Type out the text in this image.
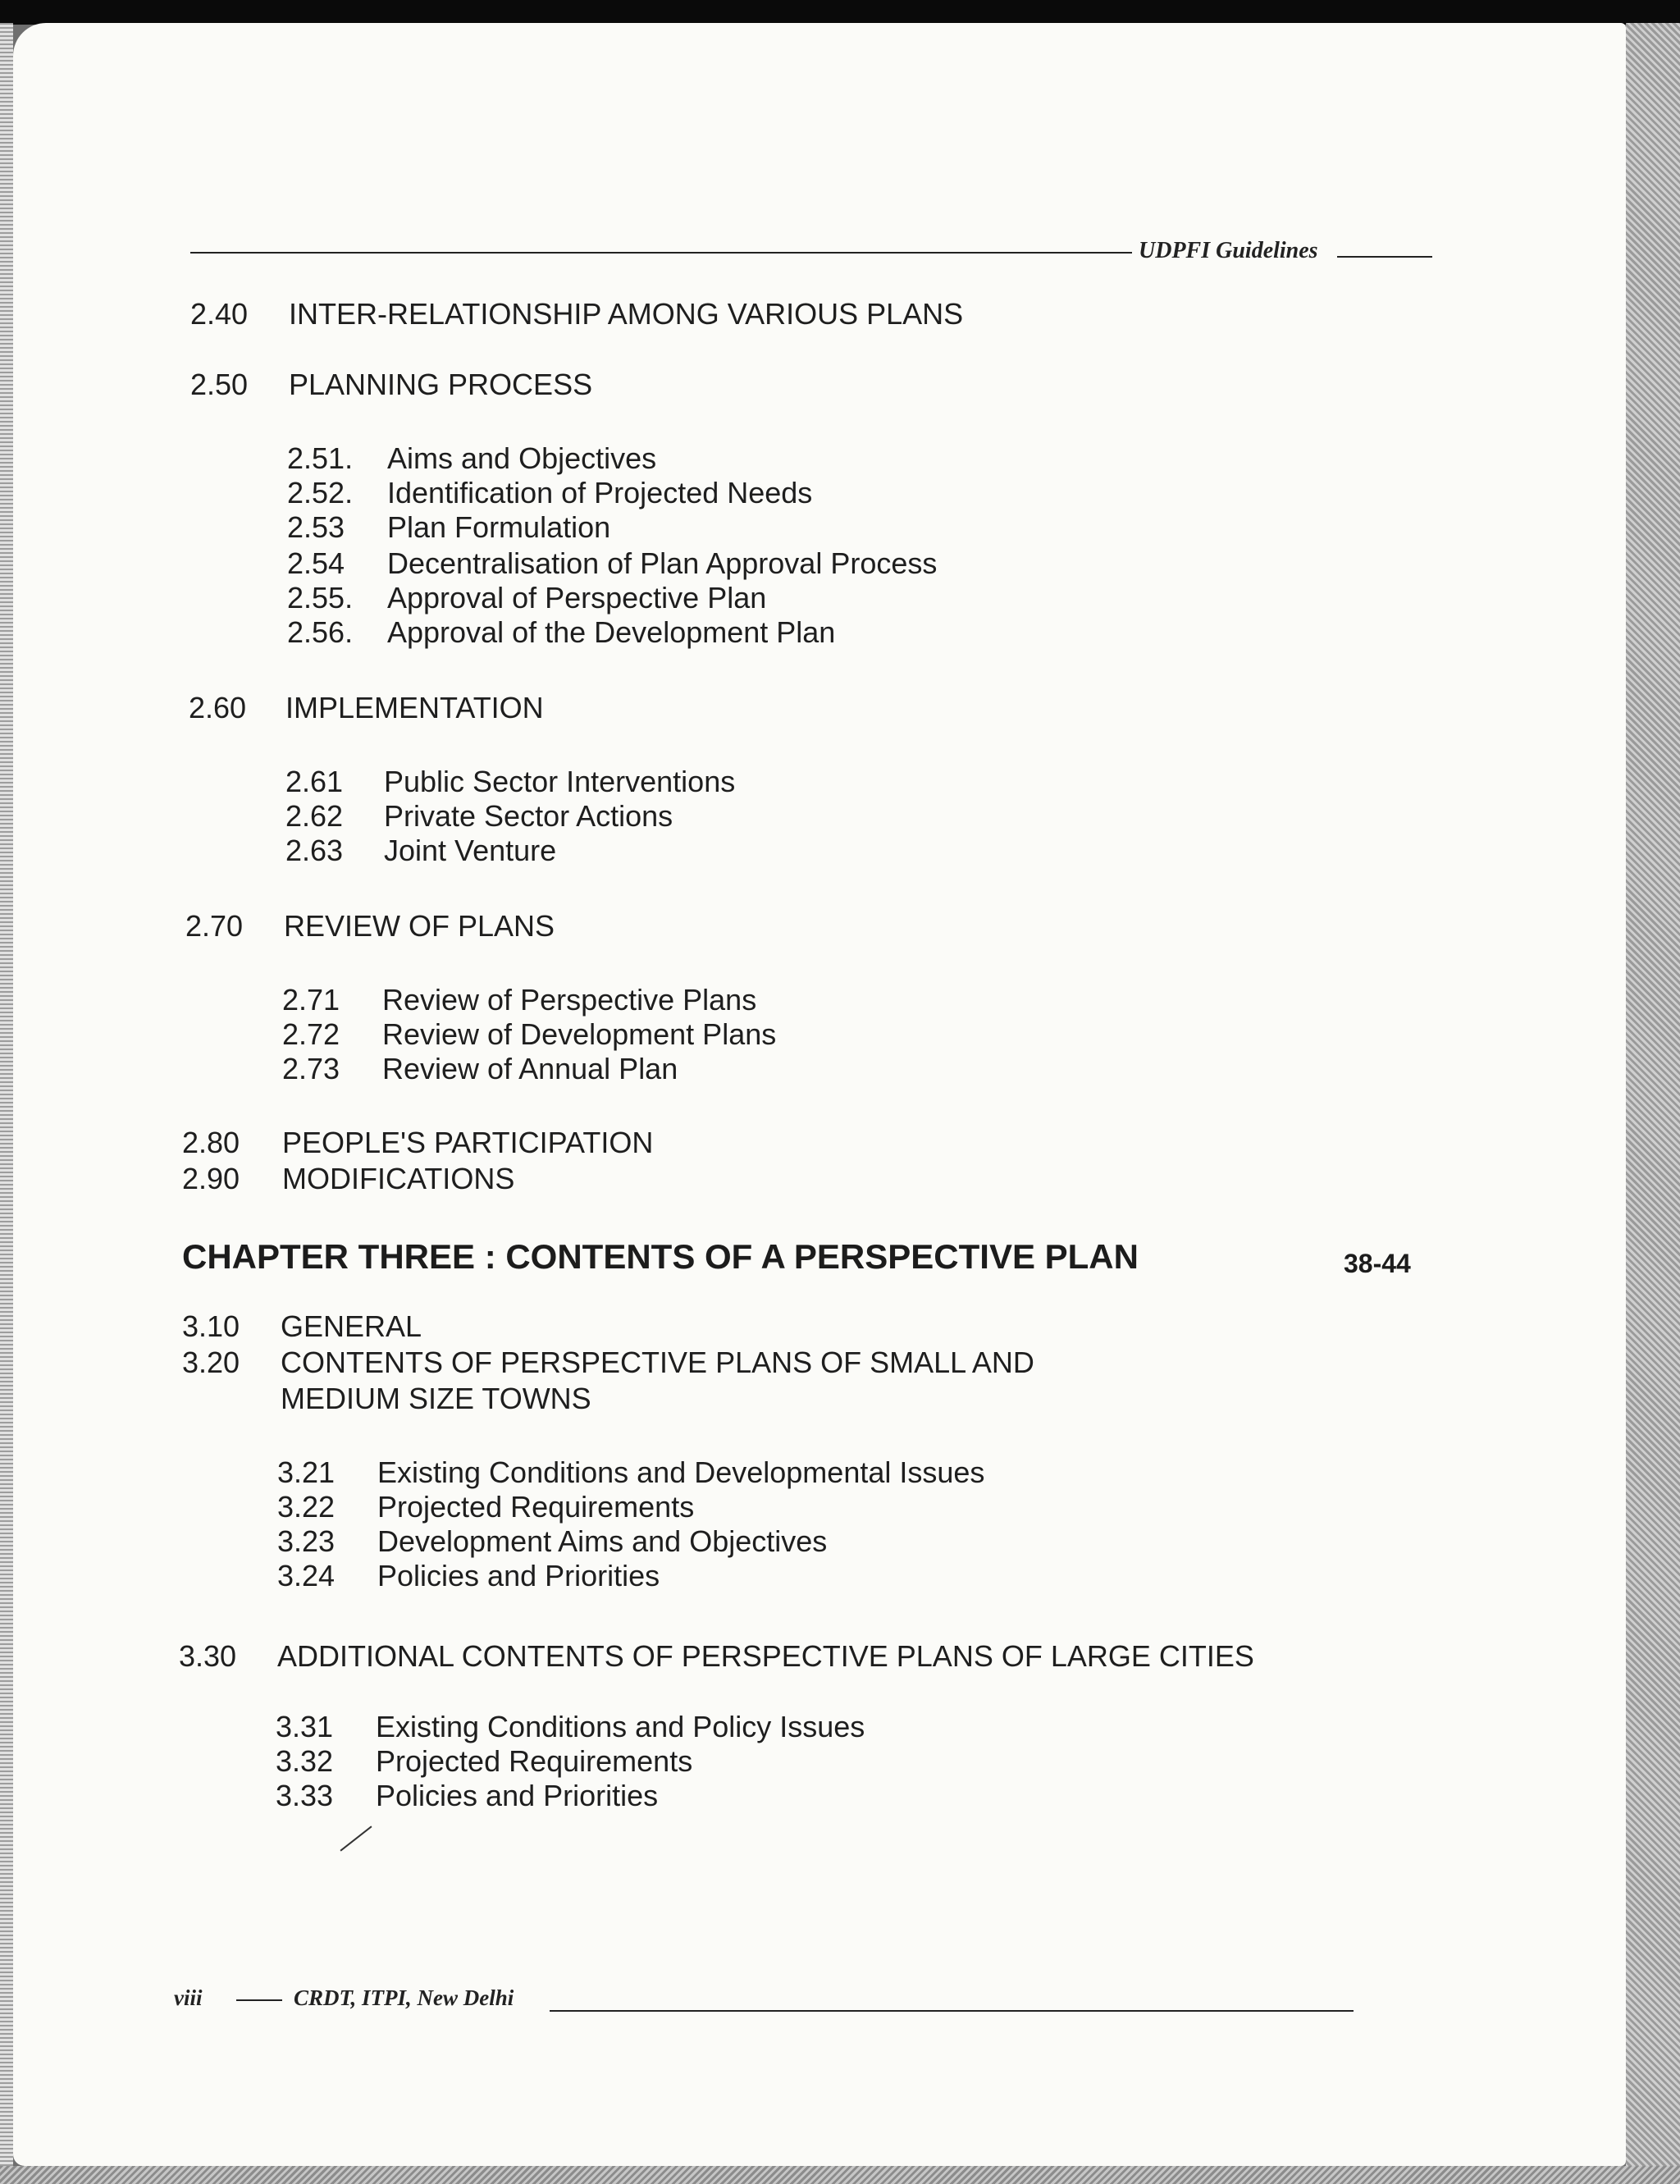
UDPFI Guidelines
2.40 INTER-RELATIONSHIP AMONG VARIOUS PLANS
2.50 PLANNING PROCESS
2.51. Aims and Objectives
2.52. Identification of Projected Needs
2.53 Plan Formulation
2.54 Decentralisation of Plan Approval Process
2.55. Approval of Perspective Plan
2.56. Approval of the Development Plan
2.60 IMPLEMENTATION
2.61 Public Sector Interventions
2.62 Private Sector Actions
2.63 Joint Venture
2.70 REVIEW OF PLANS
2.71 Review of Perspective Plans
2.72 Review of Development Plans
2.73 Review of Annual Plan
2.80 PEOPLE'S PARTICIPATION
2.90 MODIFICATIONS
CHAPTER THREE : CONTENTS OF A PERSPECTIVE PLAN	38-44
3.10 GENERAL
3.20 CONTENTS OF PERSPECTIVE PLANS OF SMALL AND
MEDIUM SIZE TOWNS
3.21 Existing Conditions and Developmental Issues
3.22 Projected Requirements
3.23 Development Aims and Objectives
3.24 Policies and Priorities
3.30 ADDITIONAL CONTENTS OF PERSPECTIVE PLANS OF LARGE CITIES
3.31 Existing Conditions and Policy Issues
3.32 Projected Requirements
3.33 Policies and Priorities
viii	CRDT, ITPI, New Delhi
